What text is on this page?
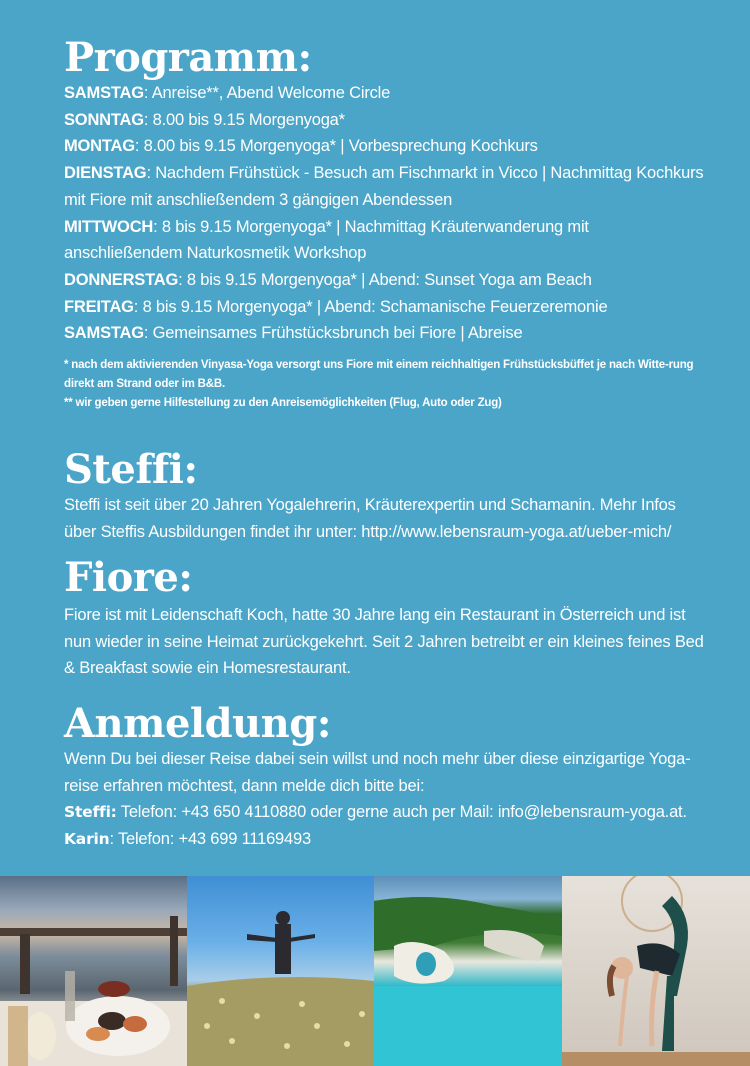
Programm:
SAMSTAG: Anreise**, Abend Welcome Circle
SONNTAG: 8.00 bis 9.15 Morgenyoga*
MONTAG: 8.00 bis 9.15 Morgenyoga* | Vorbesprechung Kochkurs
DIENSTAG: Nachdem Frühstück - Besuch am Fischmarkt in Vicco | Nachmittag Kochkurs mit Fiore mit anschließendem 3 gängigen Abendessen
MITTWOCH: 8 bis 9.15 Morgenyoga* | Nachmittag Kräuterwanderung mit anschließendem Naturkosmetik Workshop
DONNERSTAG: 8 bis 9.15 Morgenyoga* | Abend: Sunset Yoga am Beach
FREITAG: 8 bis 9.15 Morgenyoga* | Abend: Schamanische Feuerzeremonie
SAMSTAG: Gemeinsames Frühstücksbrunch bei Fiore | Abreise

* nach dem aktivierenden Vinyasa-Yoga versorgt uns Fiore mit einem reichhaltigen Frühstücksbüffet je nach Witte-rung direkt am Strand oder im B&B.

** wir geben gerne Hilfestellung zu den Anreisemöglichkeiten (Flug, Auto oder Zug)

Steffi:

Steffi ist seit über 20 Jahren Yogalehrerin, Kräuterexpertin und Schamanin. Mehr Infos über Steffis Ausbildungen findet ihr unter: http://www.lebensraum-yoga.at/ueber-mich/

Fiore:

Fiore ist mit Leidenschaft Koch, hatte 30 Jahre lang ein Restaurant in Österreich und ist nun wieder in seine Heimat zurückgekehrt. Seit 2 Jahren betreibt er ein kleines feines Bed & Breakfast sowie ein Homesrestaurant.

Anmeldung:

Wenn Du bei dieser Reise dabei sein willst und noch mehr über diese einzigartige Yoga-reise erfahren möchtest, dann melde dich bitte bei:

Steffi: Telefon: +43 650 4110880 oder gerne auch per Mail: info@lebensraum-yoga.at.
Karin: Telefon: +43 699 11169493
